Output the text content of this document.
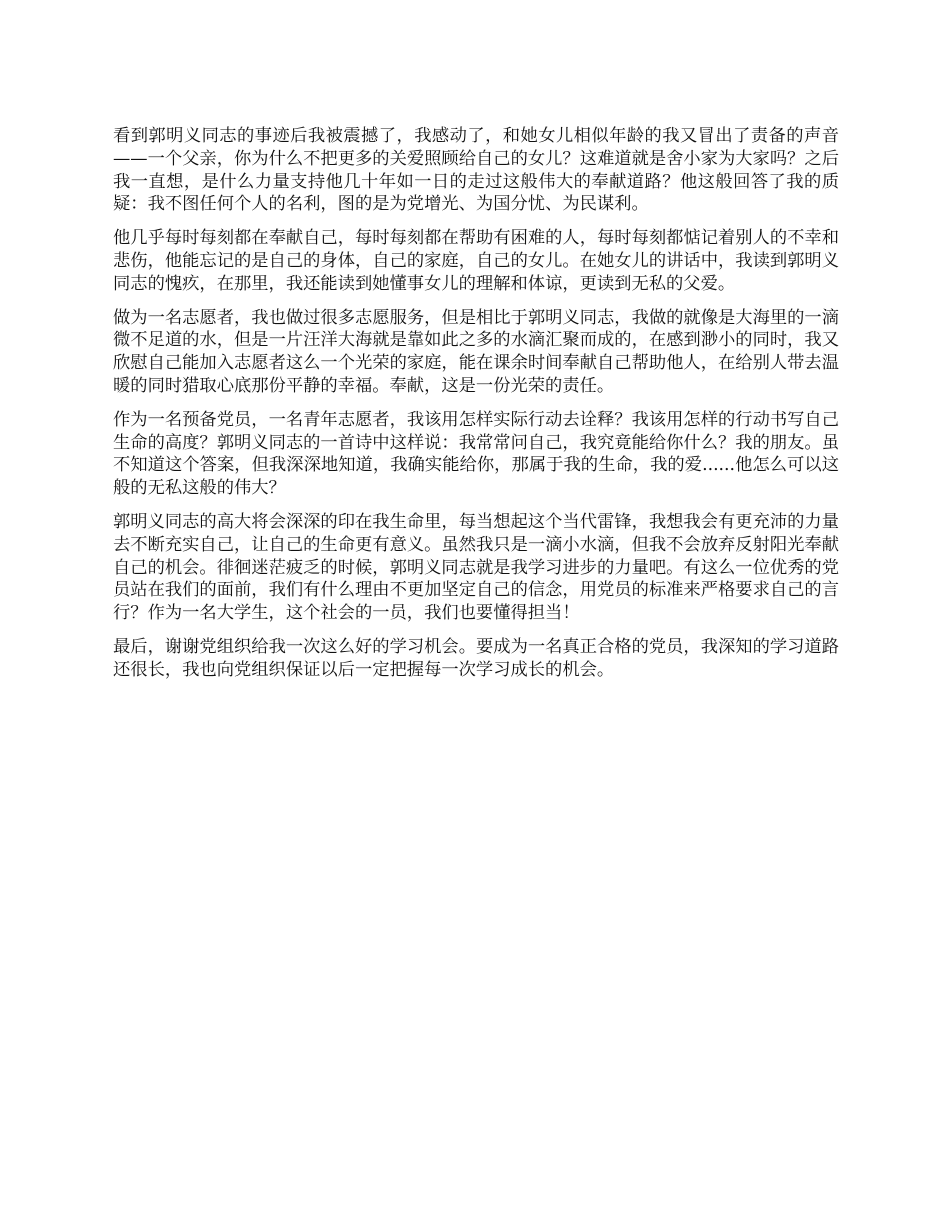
看到郭明义同志的事迹后我被震撼了，我感动了，和她女儿相似年龄的我又冒出了责备的声音——一个父亲，你为什么不把更多的关爱照顾给自己的女儿？这难道就是舍小家为大家吗？之后我一直想，是什么力量支持他几十年如一日的走过这般伟大的奉献道路？他这般回答了我的质疑：我不图任何个人的名利，图的是为党增光、为国分忧、为民谋利。

他几乎每时每刻都在奉献自己，每时每刻都在帮助有困难的人，每时每刻都惦记着别人的不幸和悲伤，他能忘记的是自己的身体，自己的家庭，自己的女儿。在她女儿的讲话中，我读到郭明义同志的愧疚，在那里，我还能读到她懂事女儿的理解和体谅，更读到无私的父爱。

做为一名志愿者，我也做过很多志愿服务，但是相比于郭明义同志，我做的就像是大海里的一滴微不足道的水，但是一片汪洋大海就是靠如此之多的水滴汇聚而成的，在感到渺小的同时，我又欣慰自己能加入志愿者这么一个光荣的家庭，能在课余时间奉献自己帮助他人，在给别人带去温暖的同时猎取心底那份平静的幸福。奉献，这是一份光荣的责任。

作为一名预备党员，一名青年志愿者，我该用怎样实际行动去诠释？我该用怎样的行动书写自己生命的高度？郭明义同志的一首诗中这样说：我常常问自己，我究竟能给你什么？我的朋友。虽不知道这个答案，但我深深地知道，我确实能给你，那属于我的生命，我的爱......他怎么可以这般的无私这般的伟大？

郭明义同志的高大将会深深的印在我生命里，每当想起这个当代雷锋，我想我会有更充沛的力量去不断充实自己，让自己的生命更有意义。虽然我只是一滴小水滴，但我不会放弃反射阳光奉献自己的机会。徘徊迷茫疲乏的时候，郭明义同志就是我学习进步的力量吧。有这么一位优秀的党员站在我们的面前，我们有什么理由不更加坚定自己的信念，用党员的标准来严格要求自己的言行？作为一名大学生，这个社会的一员，我们也要懂得担当！

最后，谢谢党组织给我一次这么好的学习机会。要成为一名真正合格的党员，我深知的学习道路还很长，我也向党组织保证以后一定把握每一次学习成长的机会。
